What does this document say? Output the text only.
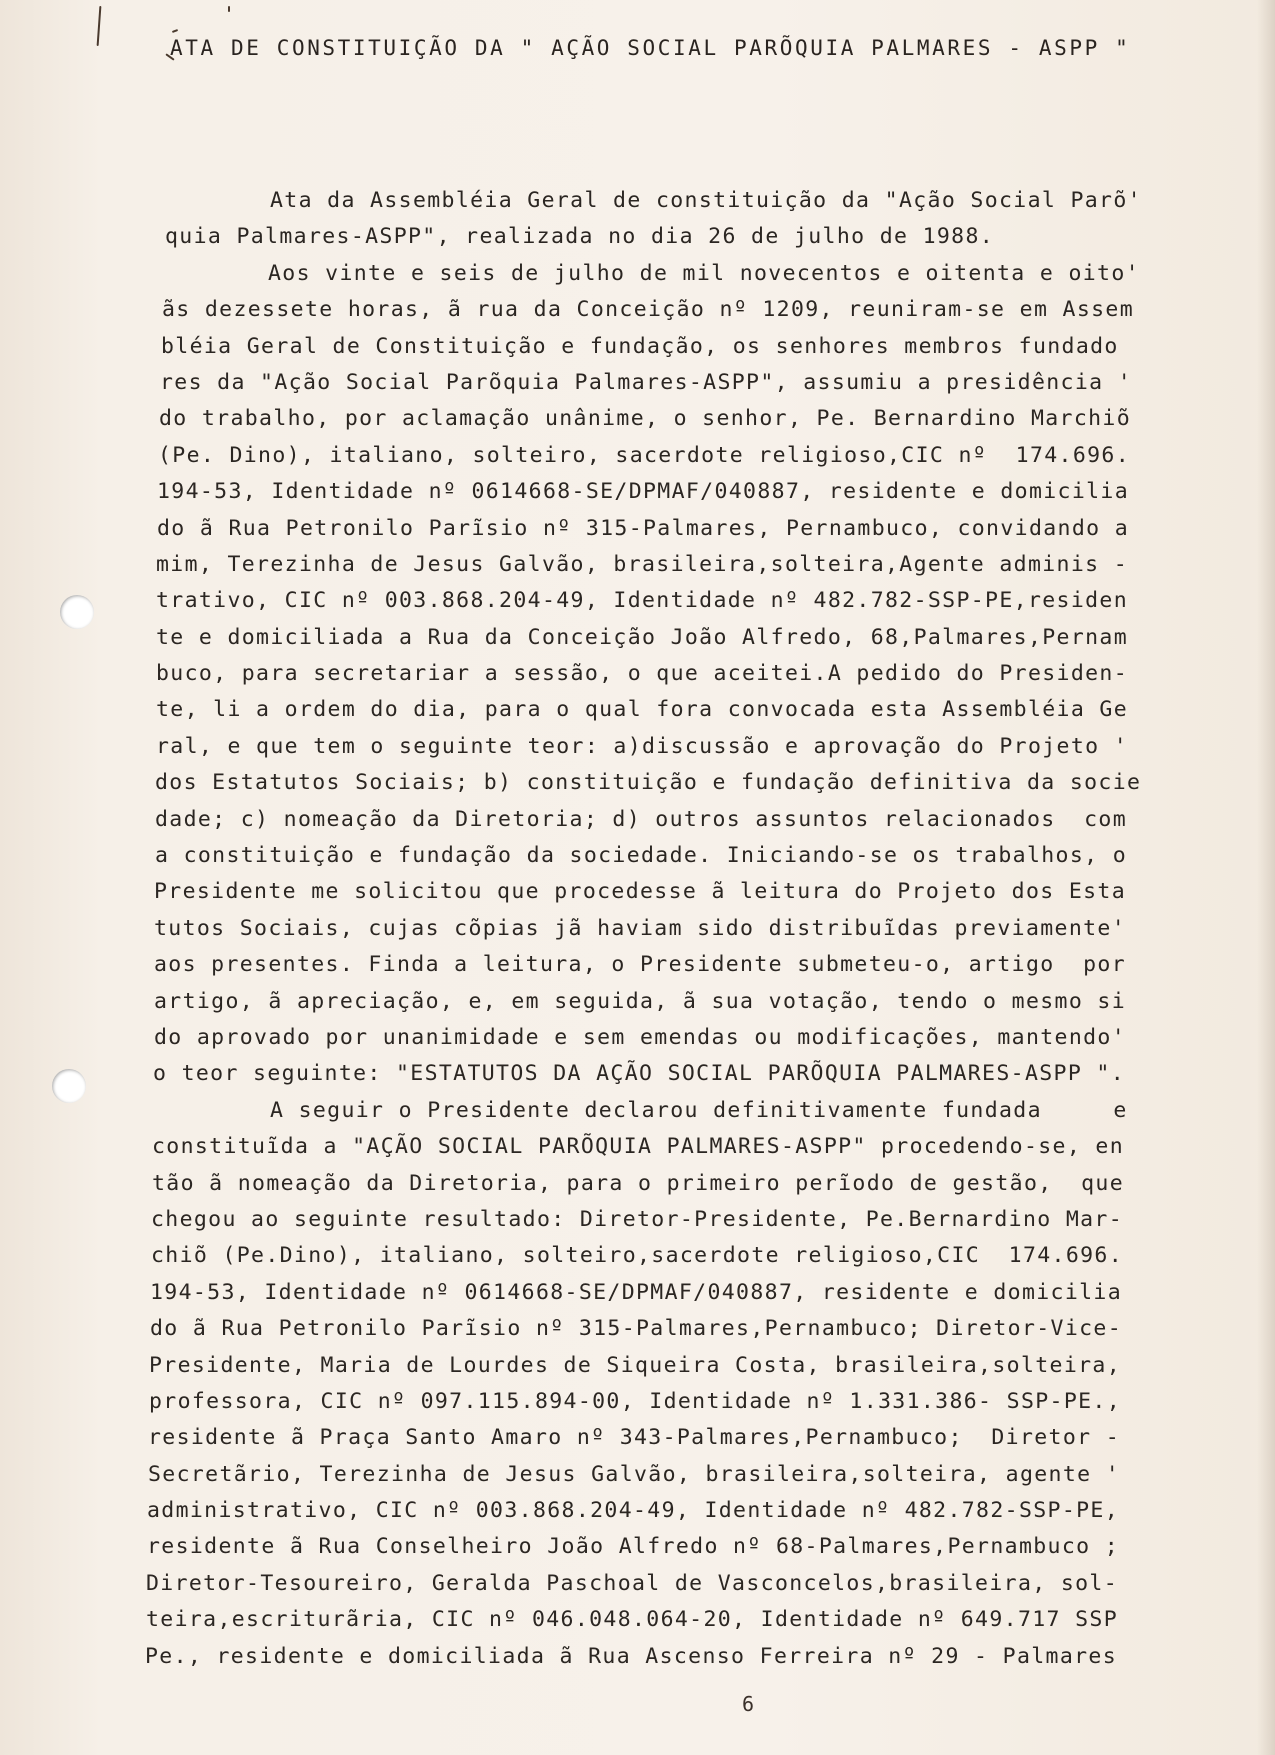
ATA DE CONSTITUIÇÃO DA " AÇÃO SOCIAL PARÕQUIA PALMARES - ASPP "
Ata da Assembléia Geral de constituição da "Ação Social Parõ'
quia Palmares-ASPP", realizada no dia 26 de julho de 1988.
Aos vinte e seis de julho de mil novecentos e oitenta e oito'
ãs dezessete horas, ã rua da Conceição nº 1209, reuniram-se em Assem
bléia Geral de Constituição e fundação, os senhores membros fundado
res da "Ação Social Parõquia Palmares-ASPP", assumiu a presidência '
do trabalho, por aclamação unânime, o senhor, Pe. Bernardino Marchiõ
(Pe. Dino), italiano, solteiro, sacerdote religioso,CIC nº  174.696.
194-53, Identidade nº 0614668-SE/DPMAF/040887, residente e domicilia
do ã Rua Petronilo Parĩsio nº 315-Palmares, Pernambuco, convidando a
mim, Terezinha de Jesus Galvão, brasileira,solteira,Agente adminis -
trativo, CIC nº 003.868.204-49, Identidade nº 482.782-SSP-PE,residen
te e domiciliada a Rua da Conceição João Alfredo, 68,Palmares,Pernam
buco, para secretariar a sessão, o que aceitei.A pedido do Presiden-
te, li a ordem do dia, para o qual fora convocada esta Assembléia Ge
ral, e que tem o seguinte teor: a)discussão e aprovação do Projeto '
dos Estatutos Sociais; b) constituição e fundação definitiva da socie
dade; c) nomeação da Diretoria; d) outros assuntos relacionados  com
a constituição e fundação da sociedade. Iniciando-se os trabalhos, o
Presidente me solicitou que procedesse ã leitura do Projeto dos Esta
tutos Sociais, cujas cõpias jã haviam sido distribuĩdas previamente'
aos presentes. Finda a leitura, o Presidente submeteu-o, artigo  por
artigo, ã apreciação, e, em seguida, ã sua votação, tendo o mesmo si
do aprovado por unanimidade e sem emendas ou modificações, mantendo'
o teor seguinte: "ESTATUTOS DA AÇÃO SOCIAL PARÕQUIA PALMARES-ASPP ".
A seguir o Presidente declarou definitivamente fundada     e
constituĩda a "AÇÃO SOCIAL PARÕQUIA PALMARES-ASPP" procedendo-se, en
tão ã nomeação da Diretoria, para o primeiro perĩodo de gestão,  que
chegou ao seguinte resultado: Diretor-Presidente, Pe.Bernardino Mar-
chiõ (Pe.Dino), italiano, solteiro,sacerdote religioso,CIC  174.696.
194-53, Identidade nº 0614668-SE/DPMAF/040887, residente e domicilia
do ã Rua Petronilo Parĩsio nº 315-Palmares,Pernambuco; Diretor-Vice-
Presidente, Maria de Lourdes de Siqueira Costa, brasileira,solteira,
professora, CIC nº 097.115.894-00, Identidade nº 1.331.386- SSP-PE.,
residente ã Praça Santo Amaro nº 343-Palmares,Pernambuco;  Diretor -
Secretãrio, Terezinha de Jesus Galvão, brasileira,solteira, agente '
administrativo, CIC nº 003.868.204-49, Identidade nº 482.782-SSP-PE,
residente ã Rua Conselheiro João Alfredo nº 68-Palmares,Pernambuco ;
Diretor-Tesoureiro, Geralda Paschoal de Vasconcelos,brasileira, sol-
teira,escriturãria, CIC nº 046.048.064-20, Identidade nº 649.717 SSP
Pe., residente e domiciliada ã Rua Ascenso Ferreira nº 29 - Palmares
6
